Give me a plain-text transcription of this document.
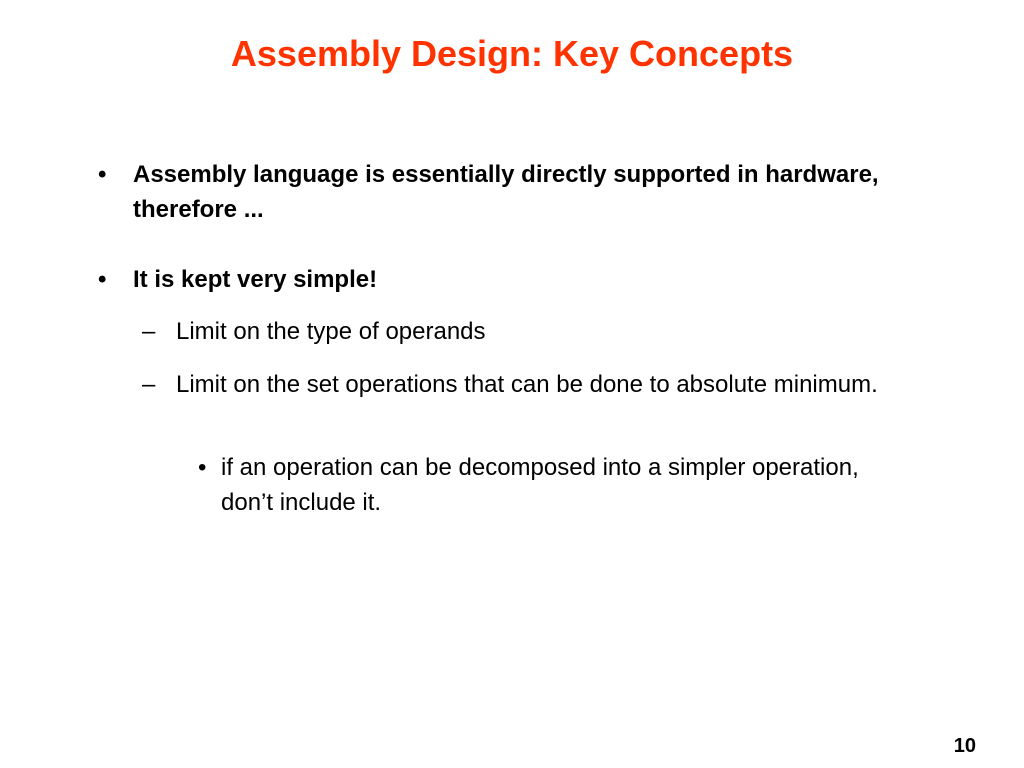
Assembly Design: Key Concepts
• Assembly language is essentially directly supported in hardware, therefore ...
• It is kept very simple!
– Limit on the type of operands
– Limit on the set operations that can be done to absolute minimum.
• if an operation can be decomposed into a simpler operation, don’t include it.
10
